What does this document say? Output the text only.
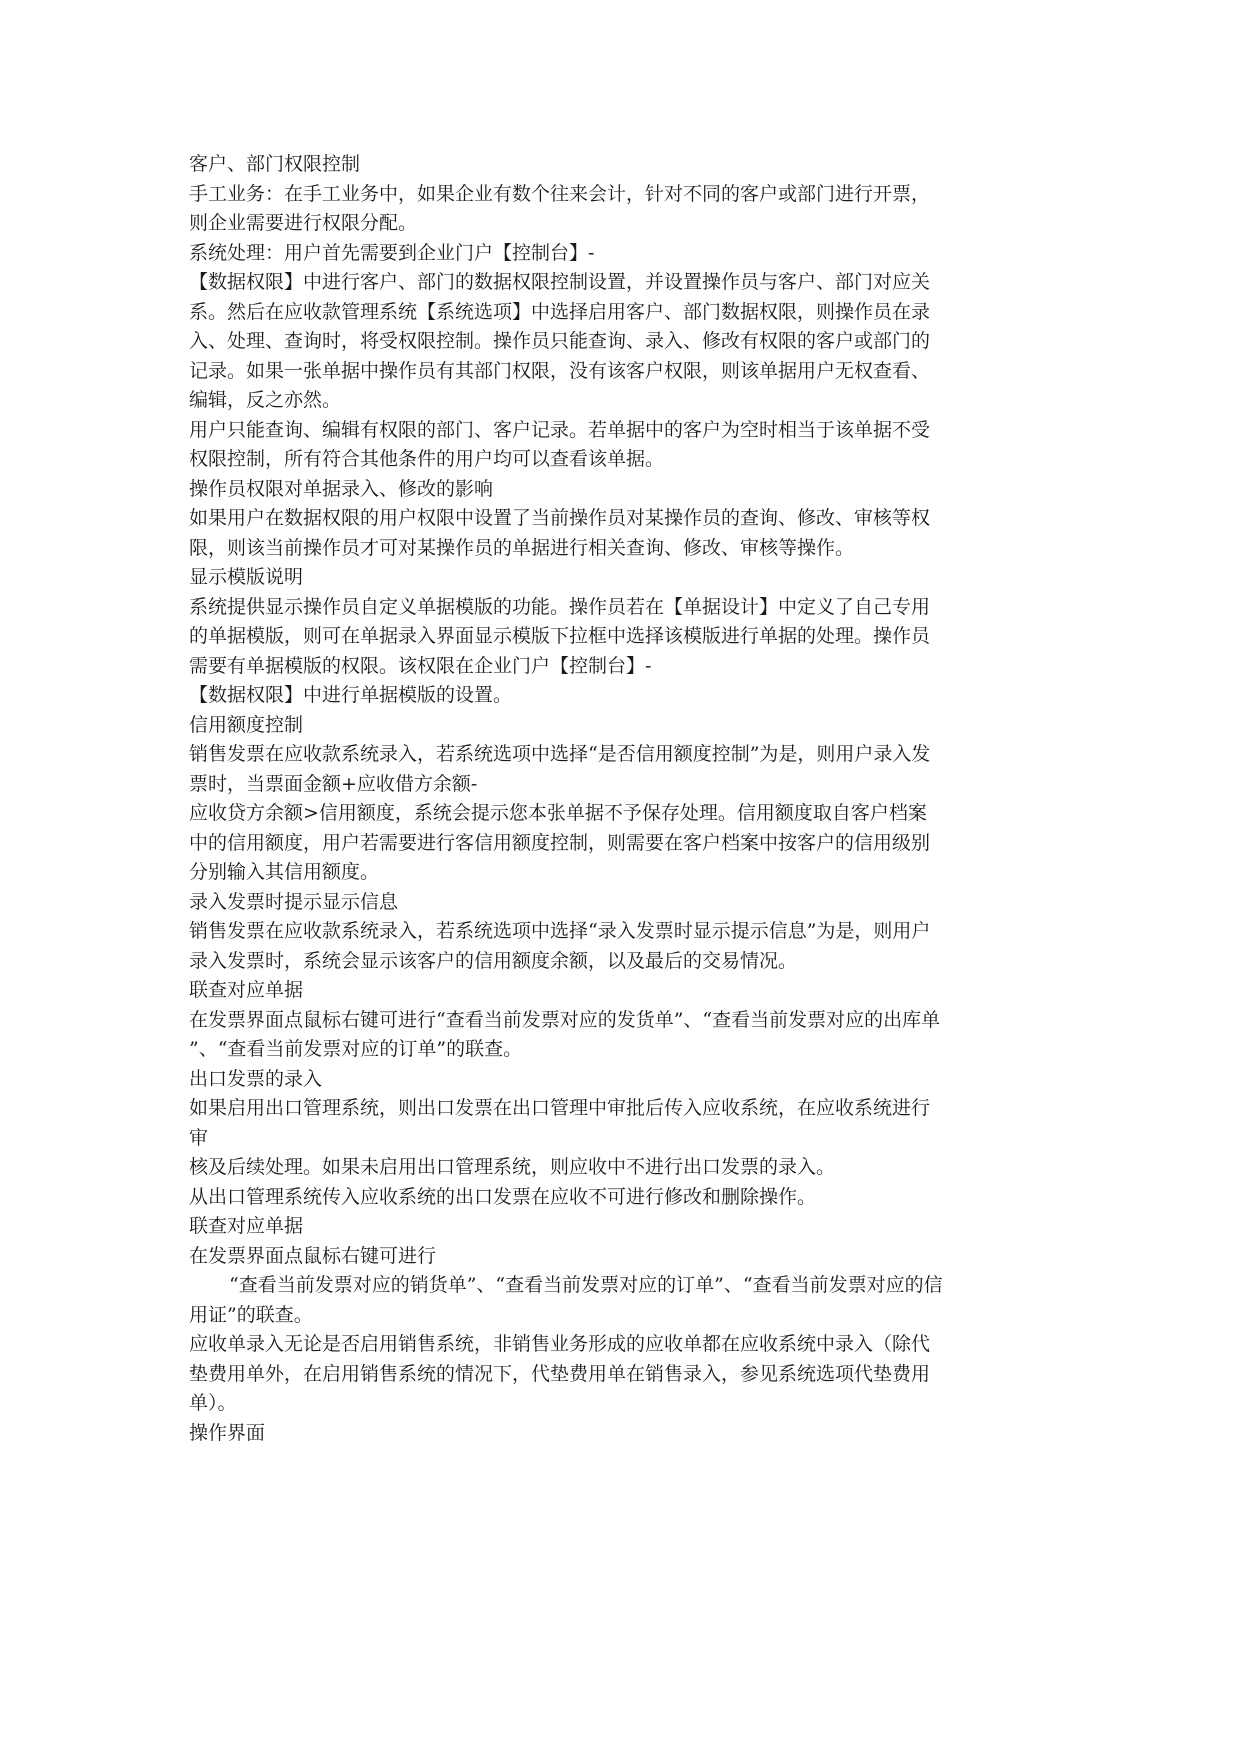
客户、部门权限控制
手工业务：在手工业务中，如果企业有数个往来会计，针对不同的客户或部门进行开票，
则企业需要进行权限分配。
系统处理：用户首先需要到企业门户【控制台】-
【数据权限】中进行客户、部门的数据权限控制设置，并设置操作员与客户、部门对应关
系。然后在应收款管理系统【系统选项】中选择启用客户、部门数据权限，则操作员在录
入、处理、查询时，将受权限控制。操作员只能查询、录入、修改有权限的客户或部门的
记录。如果一张单据中操作员有其部门权限，没有该客户权限，则该单据用户无权查看、
编辑，反之亦然。
用户只能查询、编辑有权限的部门、客户记录。若单据中的客户为空时相当于该单据不受
权限控制，所有符合其他条件的用户均可以查看该单据。
操作员权限对单据录入、修改的影响
如果用户在数据权限的用户权限中设置了当前操作员对某操作员的查询、修改、审核等权
限，则该当前操作员才可对某操作员的单据进行相关查询、修改、审核等操作。
显示模版说明
系统提供显示操作员自定义单据模版的功能。操作员若在【单据设计】中定义了自己专用
的单据模版，则可在单据录入界面显示模版下拉框中选择该模版进行单据的处理。操作员
需要有单据模版的权限。该权限在企业门户【控制台】-
【数据权限】中进行单据模版的设置。
信用额度控制
销售发票在应收款系统录入，若系统选项中选择“是否信用额度控制”为是，则用户录入发
票时，当票面金额+应收借方余额-
应收贷方余额>信用额度，系统会提示您本张单据不予保存处理。信用额度取自客户档案
中的信用额度，用户若需要进行客信用额度控制，则需要在客户档案中按客户的信用级别
分别输入其信用额度。
录入发票时提示显示信息
销售发票在应收款系统录入，若系统选项中选择“录入发票时显示提示信息”为是，则用户
录入发票时，系统会显示该客户的信用额度余额，以及最后的交易情况。
联查对应单据
在发票界面点鼠标右键可进行“查看当前发票对应的发货单”、“查看当前发票对应的出库单
”、“查看当前发票对应的订单”的联查。
出口发票的录入
如果启用出口管理系统，则出口发票在出口管理中审批后传入应收系统，在应收系统进行
审
核及后续处理。如果未启用出口管理系统，则应收中不进行出口发票的录入。
从出口管理系统传入应收系统的出口发票在应收不可进行修改和删除操作。
联查对应单据
在发票界面点鼠标右键可进行
“查看当前发票对应的销货单”、“查看当前发票对应的订单”、“查看当前发票对应的信
用证”的联查。
应收单录入无论是否启用销售系统，非销售业务形成的应收单都在应收系统中录入（除代
垫费用单外，在启用销售系统的情况下，代垫费用单在销售录入，参见系统选项代垫费用
单）。
操作界面
